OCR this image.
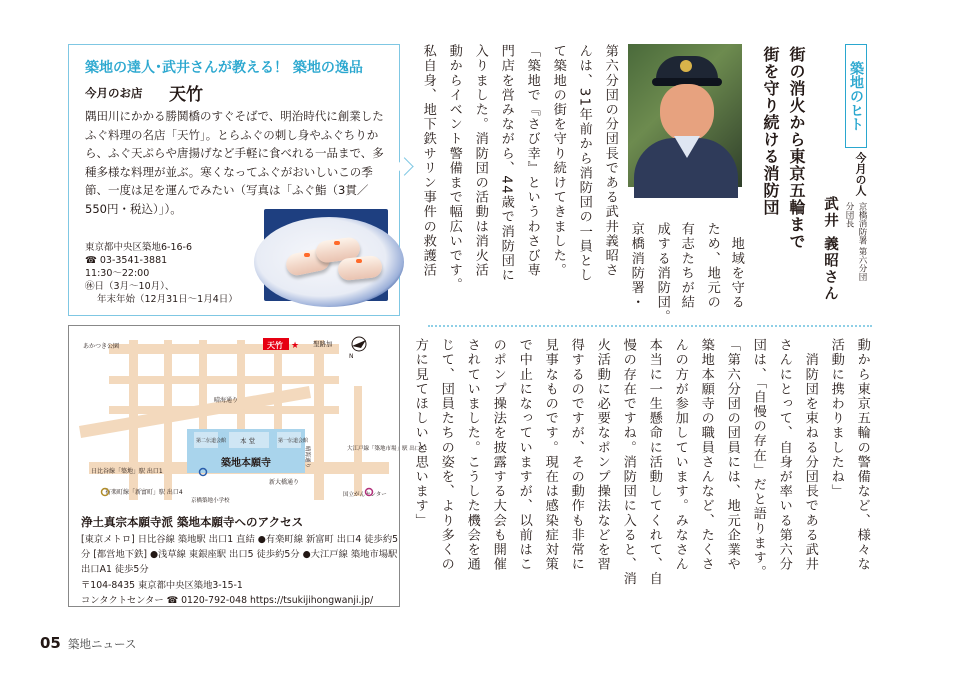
築地の達人･武井さんが教える！ 築地の逸品
今月のお店 天竹
隅田川にかかる勝鬨橋のすぐそばで、明治時代に創業したふぐ料理の名店「天竹」。とらふぐの刺し身やふぐちりから、ふぐ天ぷらや唐揚げなど手軽に食べれる一品まで、多種多様な料理が並ぶ。寒くなってふぐがおいしいこの季節、一度は足を運んでみたい（写真は「ふぐ鮨（3貫／550円・税込）」）。
東京都中央区築地6-16-6
☎ 03-3541-3881
11:30～22:00
㊡日（3月～10月）、
年末年始（12月31日～1月4日）
築地本願寺
本 堂
第二伝道会館	第一伝道会館
天竹 ★ 聖路加
あかつき公園
晴海通り
新大橋通り
日比谷線「築地」駅 出口1
有楽町線「新富町」駅 出口4
大江戸線「築地市場」駅 出口A1
京橋築地小学校
国立がんセンター
晴海通り
N
浄土真宗本願寺派 築地本願寺へのアクセス
[東京メトロ] 日比谷線 築地駅 出口1 直結 ●有楽町線 新富町 出口4 徒歩約5
分 [都営地下鉄] ●浅草線 東銀座駅 出口5 徒歩約5分 ●大江戸線 築地市場駅
出口A1 徒歩5分
〒104-8435 東京都中央区築地3-15-1
コンタクトセンター ☎ 0120-792-048 https://tsukijihongwanji.jp/
築地のヒト
今月の人
京橋消防署 第六分団
分団長
武井 義昭さん
街の消火から東京五輪まで
街を守り続ける消防団
　地域を守る
ため、地元の
有志たちが結
成する消防団。
京橋消防署・
第六分団の分団長である武井義昭さ
んは、31年前から消防団の一員とし
て築地の街を守り続けてきました。
「築地で『さび幸』というわさび専
門店を営みながら、44歳で消防団に
入りました。消防団の活動は消火活
動からイベント警備まで幅広いです。
私自身、地下鉄サリン事件の救護活
動から東京五輪の警備など、様々な
活動に携わりましたね」
　消防団を束ねる分団長である武井
さんにとって、自身が率いる第六分
団は、「自慢の存在」だと語ります。
「第六分団の団員には、地元企業や
築地本願寺の職員さんなど、たくさ
んの方が参加しています。みなさん
本当に一生懸命に活動してくれて、自
慢の存在ですね。消防団に入ると、消
火活動に必要なポンプ操法などを習
得するのですが、その動作も非常に
見事なものです。現在は感染症対策
で中止になっていますが、以前はこ
のポンプ操法を披露する大会も開催
されていました。こうした機会を通
じて、団員たちの姿を、より多くの
方に見てほしいと思います」
05 築地ニュース
